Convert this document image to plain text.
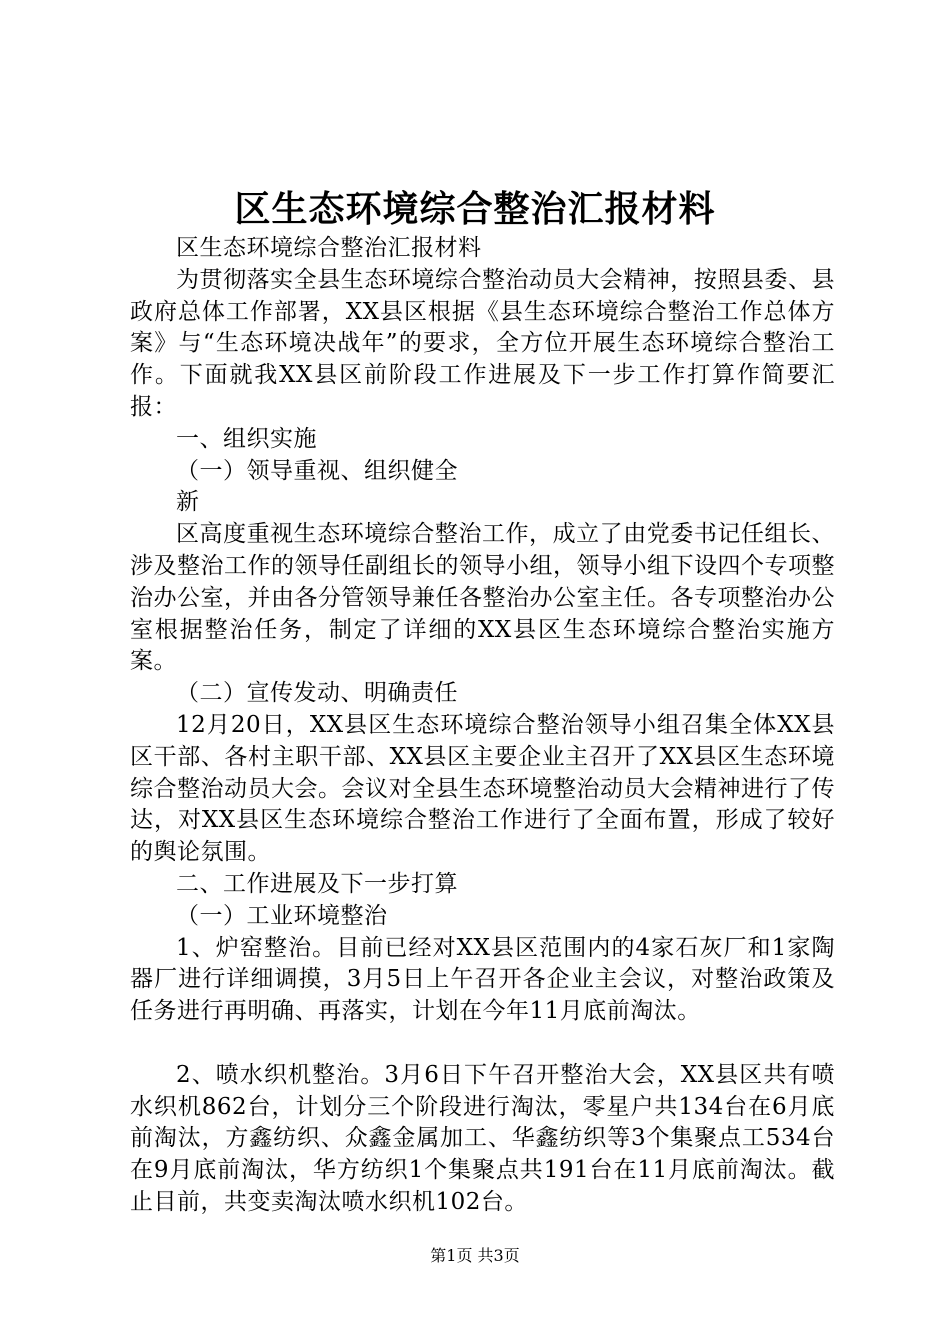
区生态环境综合整治汇报材料

区生态环境综合整治汇报材料

为贯彻落实全县生态环境综合整治动员大会精神，按照县委、县政府总体工作部署，XX县区根据《县生态环境综合整治工作总体方案》与“生态环境决战年”的要求，全方位开展生态环境综合整治工作。下面就我XX县区前阶段工作进展及下一步工作打算作简要汇报：

一、组织实施

（一）领导重视、组织健全

新

区高度重视生态环境综合整治工作，成立了由党委书记任组长、涉及整治工作的领导任副组长的领导小组，领导小组下设四个专项整治办公室，并由各分管领导兼任各整治办公室主任。各专项整治办公室根据整治任务，制定了详细的XX县区生态环境综合整治实施方案。

（二）宣传发动、明确责任

12月20日，XX县区生态环境综合整治领导小组召集全体XX县区干部、各村主职干部、XX县区主要企业主召开了XX县区生态环境综合整治动员大会。会议对全县生态环境整治动员大会精神进行了传达，对XX县区生态环境综合整治工作进行了全面布置，形成了较好的舆论氛围。

二、工作进展及下一步打算

（一）工业环境整治

1、炉窑整治。目前已经对XX县区范围内的4家石灰厂和1家陶器厂进行详细调摸，3月5日上午召开各企业主会议，对整治政策及任务进行再明确、再落实，计划在今年11月底前淘汰。

2、喷水织机整治。3月6日下午召开整治大会，XX县区共有喷水织机862台，计划分三个阶段进行淘汰，零星户共134台在6月底前淘汰，方鑫纺织、众鑫金属加工、华鑫纺织等3个集聚点工534台在9月底前淘汰，华方纺织1个集聚点共191台在11月底前淘汰。截止目前，共变卖淘汰喷水织机102台。

第1页 共3页
